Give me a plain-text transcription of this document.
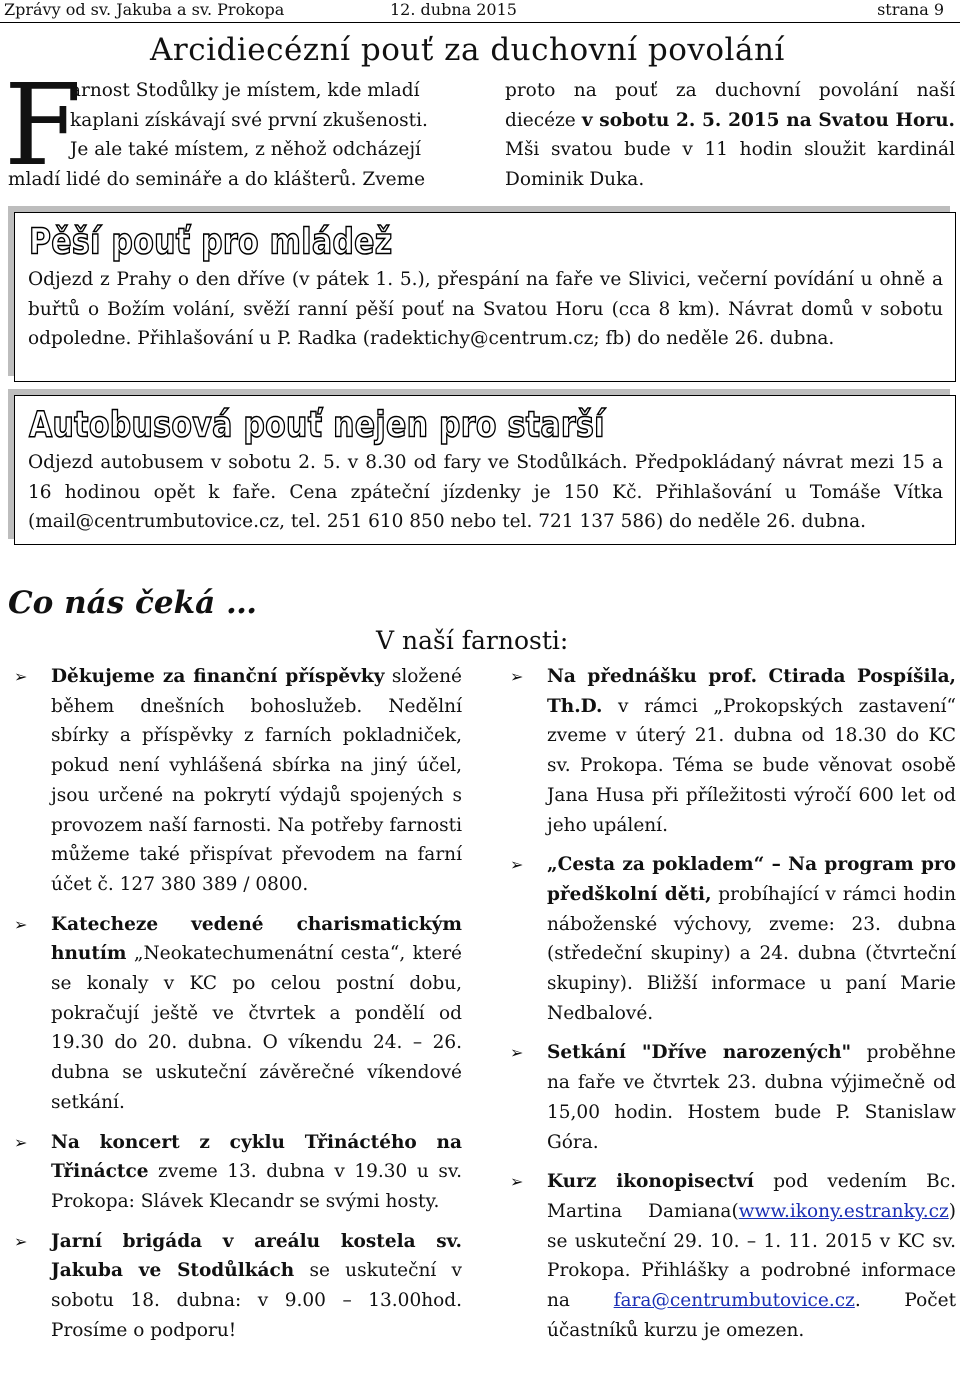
Zprávy od sv. Jakuba a sv. Prokopa	12. dubna 2015	strana 9
Arcidiecézní pouť za duchovní povolání
F
arnost Stodůlky je místem, kde mladí
kaplani získávají své první zkušenosti.
Je ale také místem, z něhož odcházejí
mladí lidé do semináře a do klášterů. Zveme
proto na pouť za duchovní povolání naší diecéze v sobotu 2. 5. 2015 na Svatou Horu. Mši svatou bude v 11 hodin sloužit kardinál Dominik Duka.
Pěší pouť pro mládež
Odjezd z Prahy o den dříve (v pátek 1. 5.), přespání na faře ve Slivici, večerní povídání u ohně a buřtů o Božím volání, svěží ranní pěší pouť na Svatou Horu (cca 8 km). Návrat domů v sobotu odpoledne. Přihlašování u P. Radka (radektichy@centrum.cz; fb) do neděle 26. dubna.
Autobusová pouť nejen pro starší
Odjezd autobusem v sobotu 2. 5. v 8.30 od fary ve Stodůlkách. Předpokládaný návrat mezi 15 a 16 hodinou opět k faře. Cena zpáteční jízdenky je 150 Kč. Přihlašování u Tomáše Vítka (mail@centrumbutovice.cz, tel. 251 610 850 nebo tel. 721 137 586) do neděle 26. dubna.
Co nás čeká …
V naší farnosti:
➢ Děkujeme za finanční příspěvky složené během dnešních bohoslužeb. Nedělní sbírky a příspěvky z farních pokladniček, pokud není vyhlášená sbírka na jiný účel, jsou určené na pokrytí výdajů spojených s provozem naší farnosti. Na potřeby farnosti můžeme také přispívat převodem na farní účet č. 127 380 389 / 0800.

➢ Katecheze vedené charismatickým hnutím „Neokatechumenátní cesta“, které se konaly v KC po celou postní dobu, pokračují ještě ve čtvrtek a pondělí od 19.30 do 20. dubna. O víkendu 24. – 26. dubna se uskuteční závěrečné víkendové setkání.

➢ Na koncert z cyklu Třináctého na Třináctce zveme 13. dubna v 19.30 u sv. Prokopa: Slávek Klecandr se svými hosty.

➢ Jarní brigáda v areálu kostela sv. Jakuba ve Stodůlkách se uskuteční v sobotu 18. dubna: v 9.00 – 13.00hod. Prosíme o podporu!

➢ Na přednášku prof. Ctirada Pospíšila, Th.D. v rámci „Prokopských zastavení“ zveme v úterý 21. dubna od 18.30 do KC sv. Prokopa. Téma se bude věnovat osobě Jana Husa při příležitosti výročí 600 let od jeho upálení.

➢ „Cesta za pokladem“ – Na program pro předškolní děti, probíhající v rámci hodin náboženské výchovy, zveme: 23. dubna (středeční skupiny) a 24. dubna (čtvrteční skupiny). Bližší informace u paní Marie Nedbalové.

➢ Setkání "Dříve narozených" proběhne na faře ve čtvrtek 23. dubna výjimečně od 15,00 hodin. Hostem bude P. Stanislaw Góra.

➢ Kurz ikonopisectví pod vedením Bc. Martina Damiana(www.ikony.estranky.cz) se uskuteční 29. 10. – 1. 11. 2015 v KC sv. Prokopa. Přihlášky a podrobné informace na fara@centrumbutovice.cz. Počet účastníků kurzu je omezen.
